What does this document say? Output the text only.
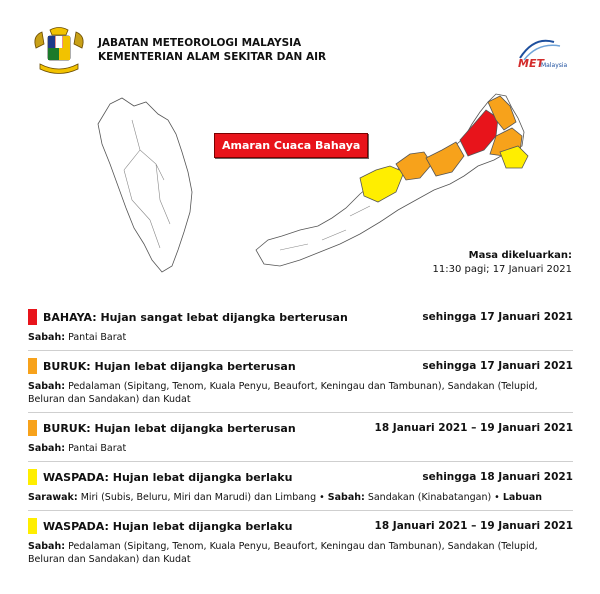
JABATAN METEOROLOGI MALAYSIA
KEMENTERIAN ALAM SEKITAR DAN AIR	MET
Malaysia
Amaran Cuaca Bahaya
Masa dikeluarkan:
11:30 pagi; 17 Januari 2021
BAHAYA: Hujan sangat lebat dijangka berterusan	sehingga 17 Januari 2021
Sabah: Pantai Barat
BURUK: Hujan lebat dijangka berterusan	sehingga 17 Januari 2021
Sabah: Pedalaman (Sipitang, Tenom, Kuala Penyu, Beaufort, Keningau dan Tambunan), Sandakan (Telupid, Beluran dan Sandakan) dan Kudat
BURUK: Hujan lebat dijangka berterusan	18 Januari 2021 – 19 Januari 2021
Sabah: Pantai Barat
WASPADA: Hujan lebat dijangka berlaku	sehingga 18 Januari 2021
Sarawak: Miri (Subis, Beluru, Miri dan Marudi) dan Limbang • Sabah: Sandakan (Kinabatangan) • Labuan
WASPADA: Hujan lebat dijangka berlaku	18 Januari 2021 – 19 Januari 2021
Sabah: Pedalaman (Sipitang, Tenom, Kuala Penyu, Beaufort, Keningau dan Tambunan), Sandakan (Telupid, Beluran dan Sandakan) dan Kudat
